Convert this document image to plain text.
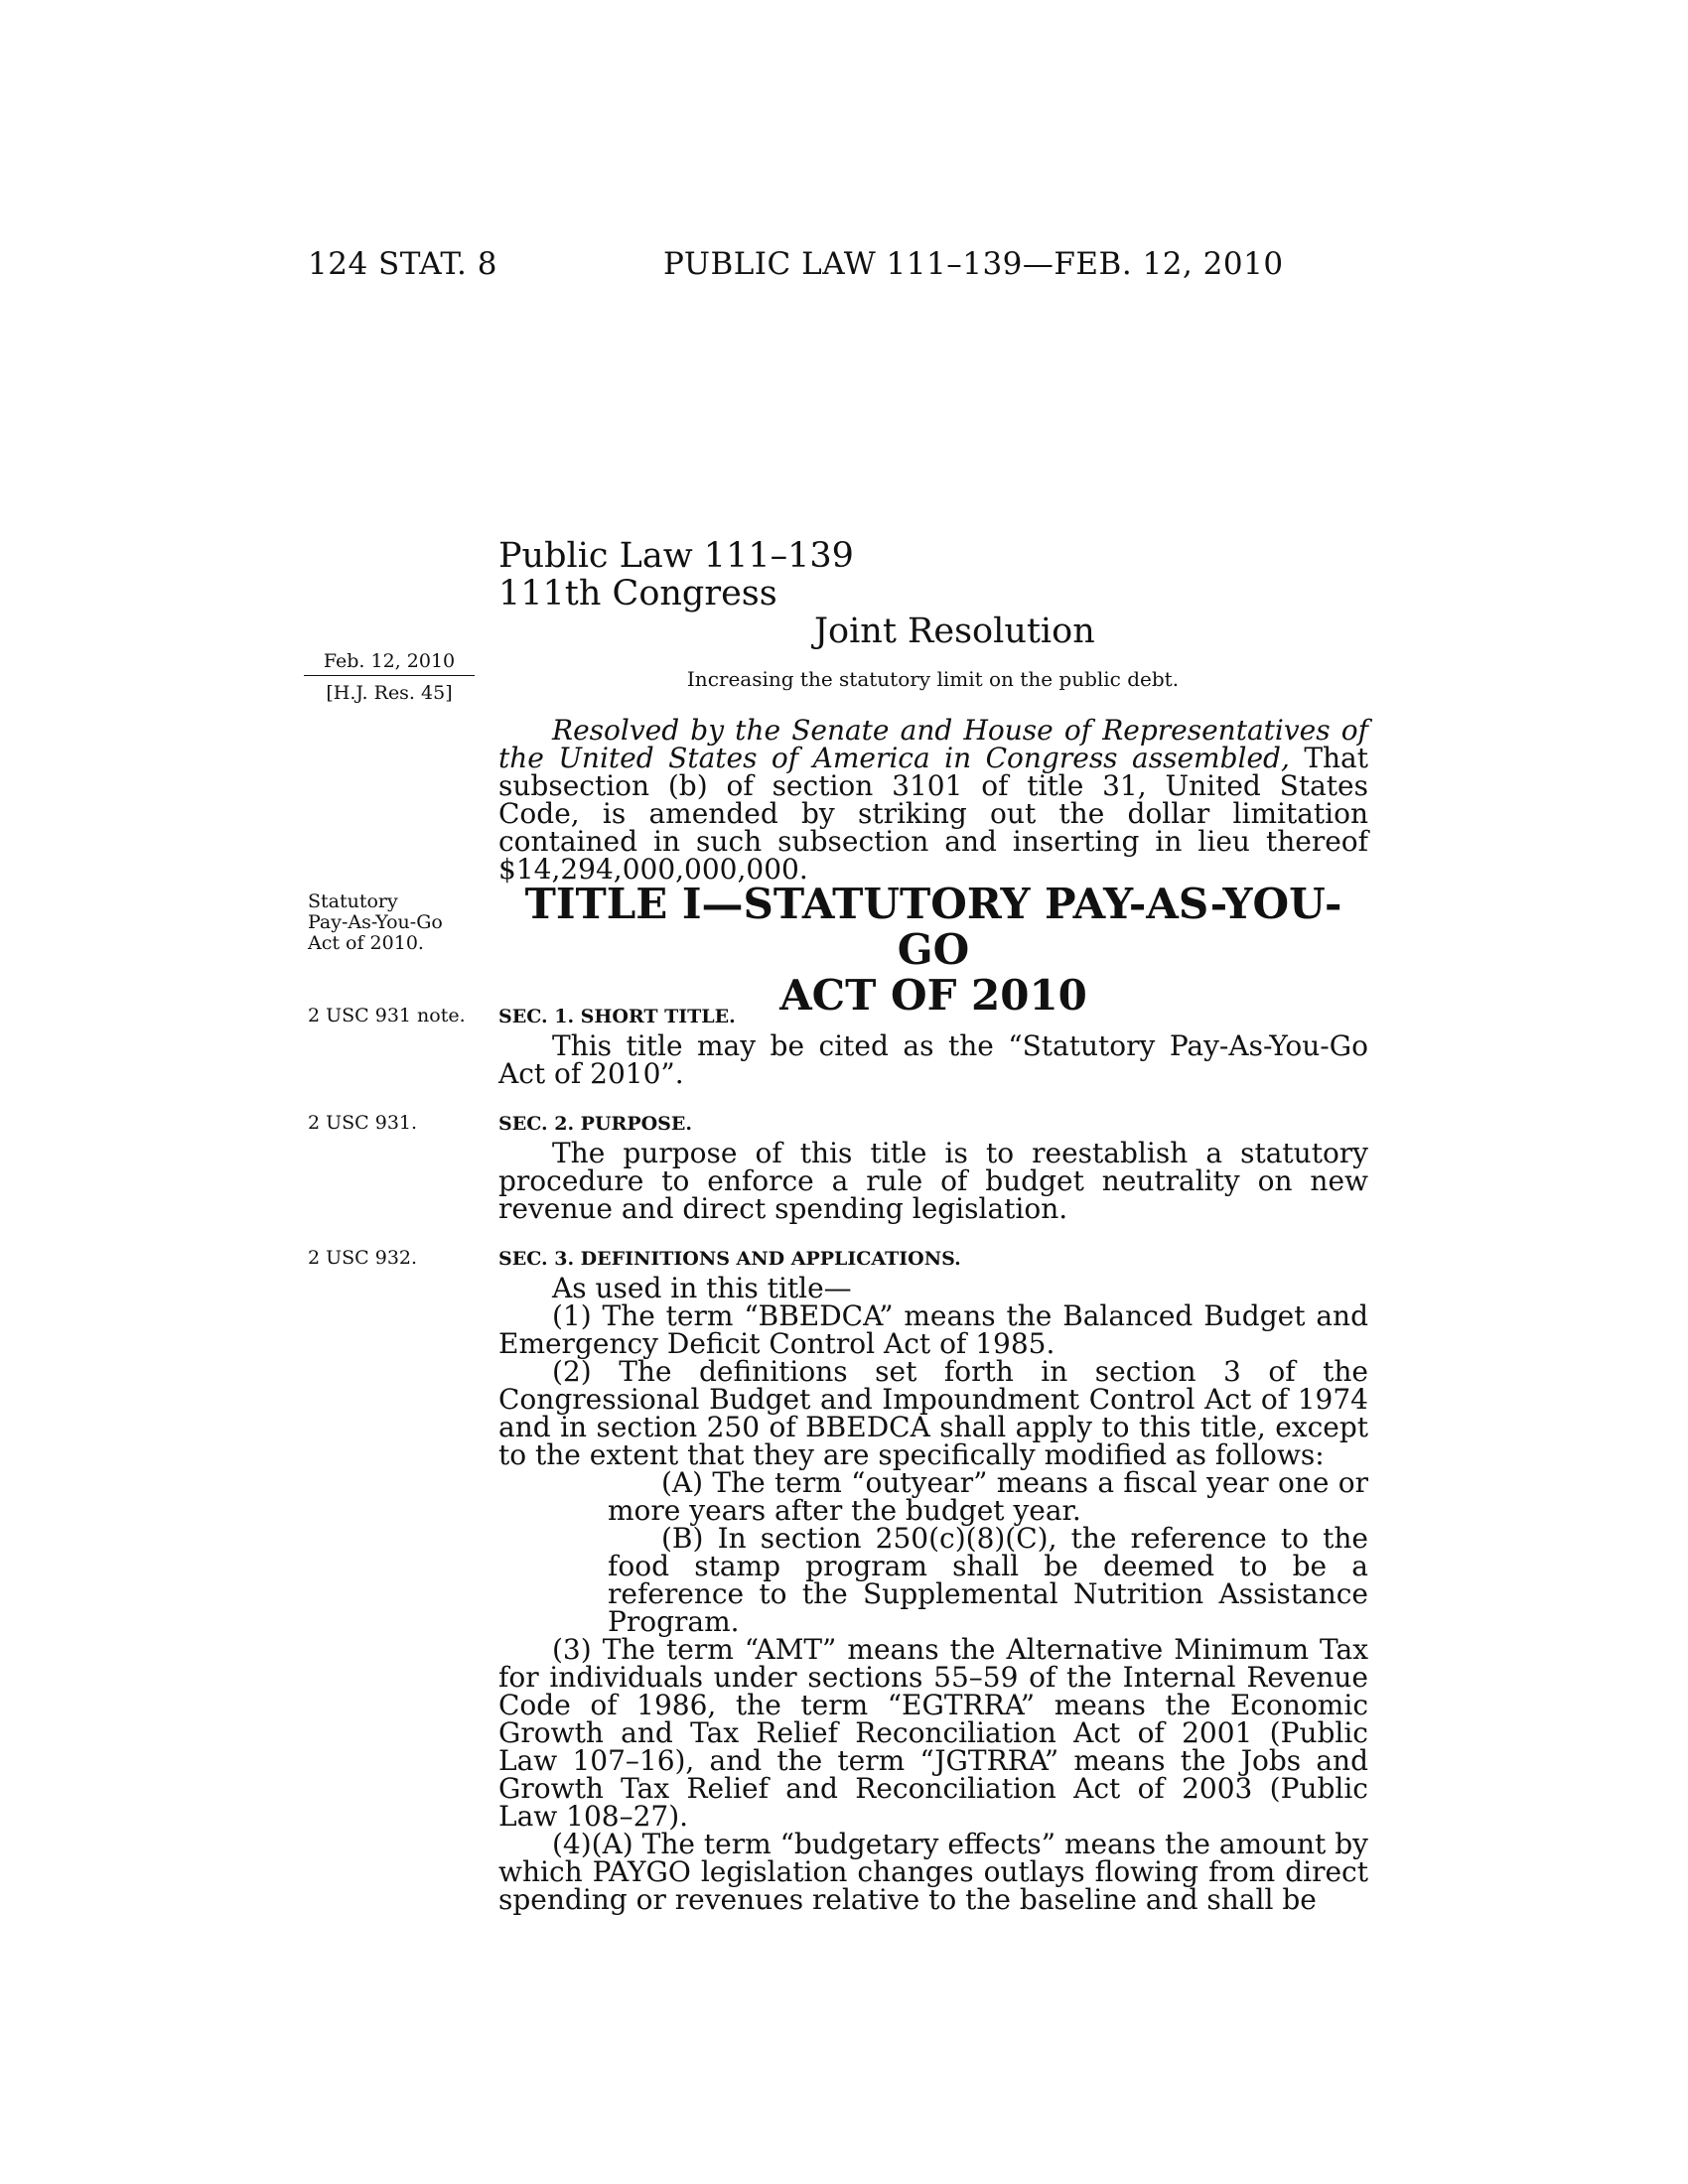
124 STAT. 8	PUBLIC LAW 111–139—FEB. 12, 2010
Public Law 111–139
111th Congress
Joint Resolution
Feb. 12, 2010
[H.J. Res. 45]
Increasing the statutory limit on the public debt.

Resolved by the Senate and House of Representatives of the United States of America in Congress assembled, That subsection (b) of section 3101 of title 31, United States Code, is amended by striking out the dollar limitation contained in such subsection and inserting in lieu thereof $14,294,000,000,000.

Statutory
Pay-As-You-Go
Act of 2010.
TITLE I—STATUTORY PAY-AS-YOU-GO
ACT OF 2010
2 USC 931 note. SEC. 1. SHORT TITLE.

This title may be cited as the “Statutory Pay-As-You-Go Act of 2010”.

2 USC 931.	SEC. 2. PURPOSE.

The purpose of this title is to reestablish a statutory procedure to enforce a rule of budget neutrality on new revenue and direct spending legislation.

2 USC 932.	SEC. 3. DEFINITIONS AND APPLICATIONS.

As used in this title—

(1) The term “BBEDCA” means the Balanced Budget and Emergency Deficit Control Act of 1985.

(2) The definitions set forth in section 3 of the Congressional Budget and Impoundment Control Act of 1974 and in section 250 of BBEDCA shall apply to this title, except to the extent that they are specifically modified as follows:

(A) The term “outyear” means a fiscal year one or more years after the budget year.

(B) In section 250(c)(8)(C), the reference to the food stamp program shall be deemed to be a reference to the Supplemental Nutrition Assistance Program.

(3) The term “AMT” means the Alternative Minimum Tax for individuals under sections 55–59 of the Internal Revenue Code of 1986, the term “EGTRRA” means the Economic Growth and Tax Relief Reconciliation Act of 2001 (Public Law 107–16), and the term “JGTRRA” means the Jobs and Growth Tax Relief and Reconciliation Act of 2003 (Public Law 108–27).

(4)(A) The term “budgetary effects” means the amount by which PAYGO legislation changes outlays flowing from direct spending or revenues relative to the baseline and shall be
